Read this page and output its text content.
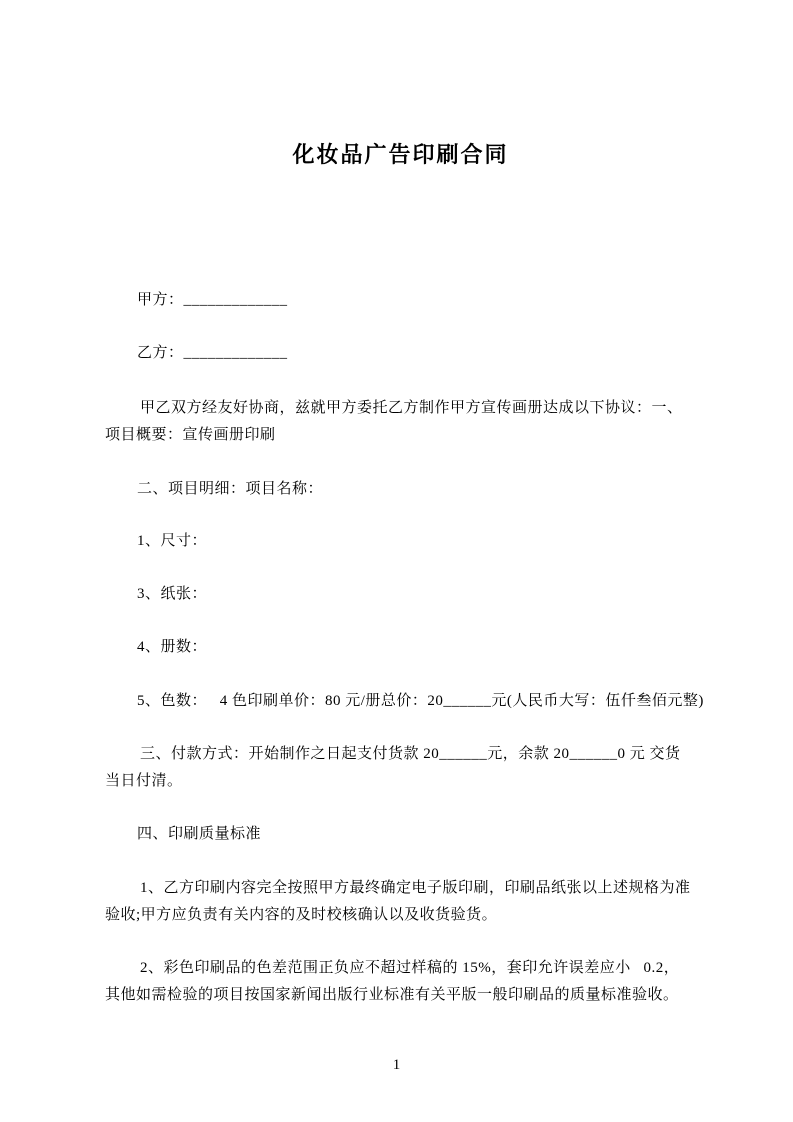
化妆品广告印刷合同
甲方：_____________
乙方：_____________
甲乙双方经友好协商，兹就甲方委托乙方制作甲方宣传画册达成以下协议：一、
项目概要：宣传画册印刷
二、项目明细：项目名称：
1、尺寸：
3、纸张：
4、册数：
5、色数：   4 色印刷单价：80 元/册总价：20______元(人民币大写：伍仟叁佰元整)
三、付款方式：开始制作之日起支付货款 20______元，余款 20______0 元 交货
当日付清。
四、印刷质量标准
1、乙方印刷内容完全按照甲方最终确定电子版印刷，印刷品纸张以上述规格为准
验收;甲方应负责有关内容的及时校核确认以及收货验货。
2、彩色印刷品的色差范围正负应不超过样稿的 15%，套印允许误差应小   0.2，
其他如需检验的项目按国家新闻出版行业标准有关平版一般印刷品的质量标准验收。
1
